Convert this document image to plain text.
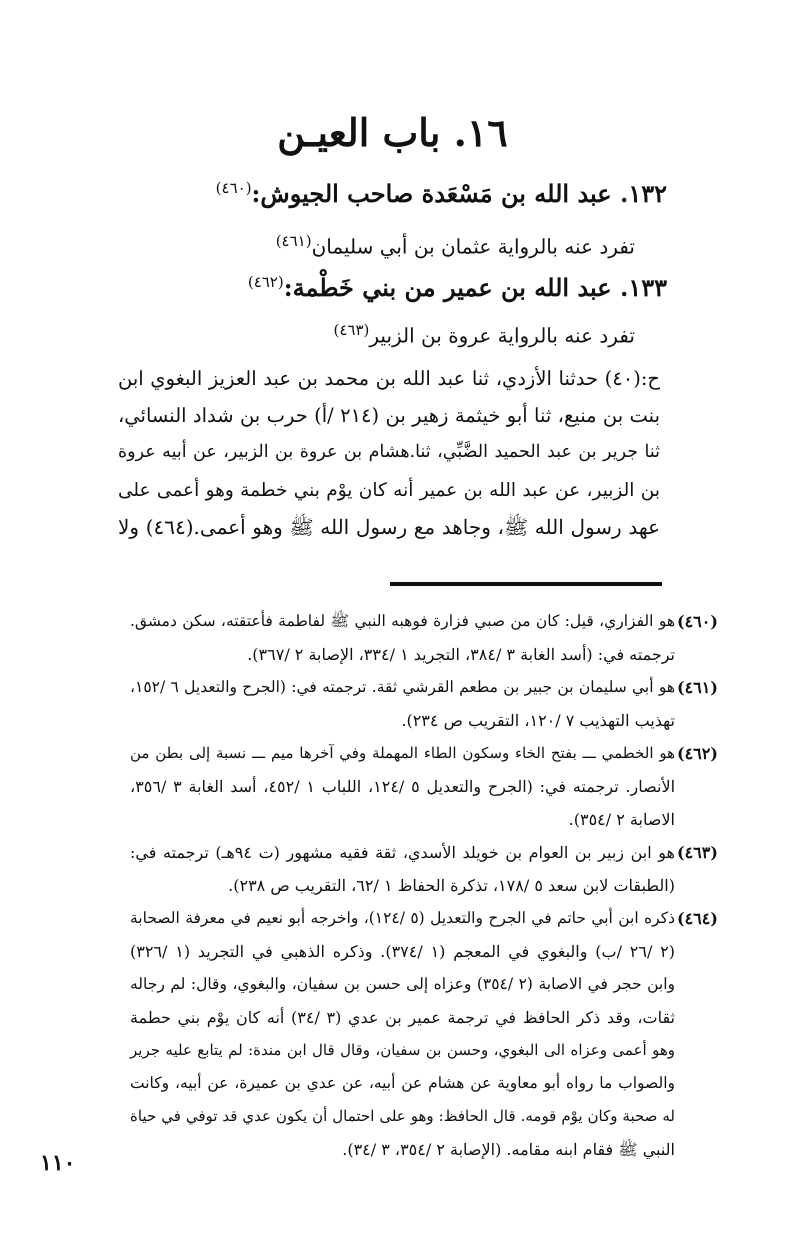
١٦. باب العيـن
١٣٢. عبد الله بن مَسْعَدة صاحب الجيوش:$^{(٤٦٠)}$
تفرد عنه بالرواية عثمان بن أبي سليمان$^{(٤٦١)}$
١٣٣. عبد الله بن عمير من بني خَطْمة:$^{(٤٦٢)}$
تفرد عنه بالرواية عروة بن الزبير$^{(٤٦٣)}$
ح:(٤٠) حدثنا الأزدي، ثنا عبد الله بن محمد بن عبد العزيز البغوي ابن
بنت بن منيع، ثنا أبو خيثمة زهير بن (٢١٤ /أ) حرب بن شداد النسائي،
ثنا جرير بن عبد الحميد الضَّبِّي، ثنا.هشام بن عروة بن الزبير، عن أبيه عروة
بن الزبير، عن عبد الله بن عمير أنه كان يوْم بني خطمة وهو أعمى على
عهد رسول الله ﷺ، وجاهد مع رسول الله ﷺ وهو أعمى.(٤٦٤) ولا
(٤٦٠)
هو الفزاري، قيل: كان من صبي فزارة فوهبه النبي ﷺ لفاطمة فأعتقته، سكن دمشق.
ترجمته في: (أسد الغابة ٣ /٣٨٤، التجريد ١ /٣٣٤، الإصابة ٢ /٣٦٧).
(٤٦١)
هو أبي سليمان بن جبير بن مطعم القرشي ثقة. ترجمته في: (الجرح والتعديل ٦ /١٥٢،
تهذيب التهذيب ٧ /١٢٠، التقريب ص ٢٣٤).
(٤٦٢)
هو الخطمي ـــ بفتح الخاء وسكون الطاء المهملة وفي آخرها ميم ـــ نسبة إلى بطن من
الأنصار. ترجمته في: (الجرح والتعديل ٥ /١٢٤، اللباب ١ /٤٥٢، أسد الغابة ٣ /٣٥٦،
الاصابة ٢ /٣٥٤).
(٤٦٣)
هو ابن زبير بن العوام بن خويلد الأسدي، ثقة فقيه مشهور (ت ٩٤هـ) ترجمته في:
(الطبقات لابن سعد ٥ /١٧٨، تذكرة الحفاظ ١ /٦٢، التقريب ص ٢٣٨).
(٤٦٤)
ذكره ابن أبي حاتم في الجرح والتعديل (٥ /١٢٤)، واخرجه أبو نعيم في معرفة الصحابة
(٢ /٢٦ /ب) والبغوي في المعجم (١ /٣٧٤). وذكره الذهبي في التجريد (١ /٣٢٦)
وابن حجر في الاصابة (٢ /٣٥٤) وعزاه إلى حسن بن سفيان، والبغوي، وقال: لم رجاله
ثقات، وقد ذكر الحافظ في ترجمة عمير بن عدي (٣ /٣٤) أنه كان يوْم بني حطمة
وهو أعمى وعزاه الى البغوي، وحسن بن سفيان، وقال قال ابن مندة: لم يتابع عليه جرير
والصواب ما رواه أبو معاوية عن هشام عن أبيه، عن عدي بن عميرة، عن أبيه، وكانت
له صحبة وكان يوْم قومه. قال الحافظ: وهو على احتمال أن يكون عدي قد توفي في حياة
النبي ﷺ فقام ابنه مقامه. (الإصابة ٢ /٣٥٤، ٣ /٣٤).
١١٠
